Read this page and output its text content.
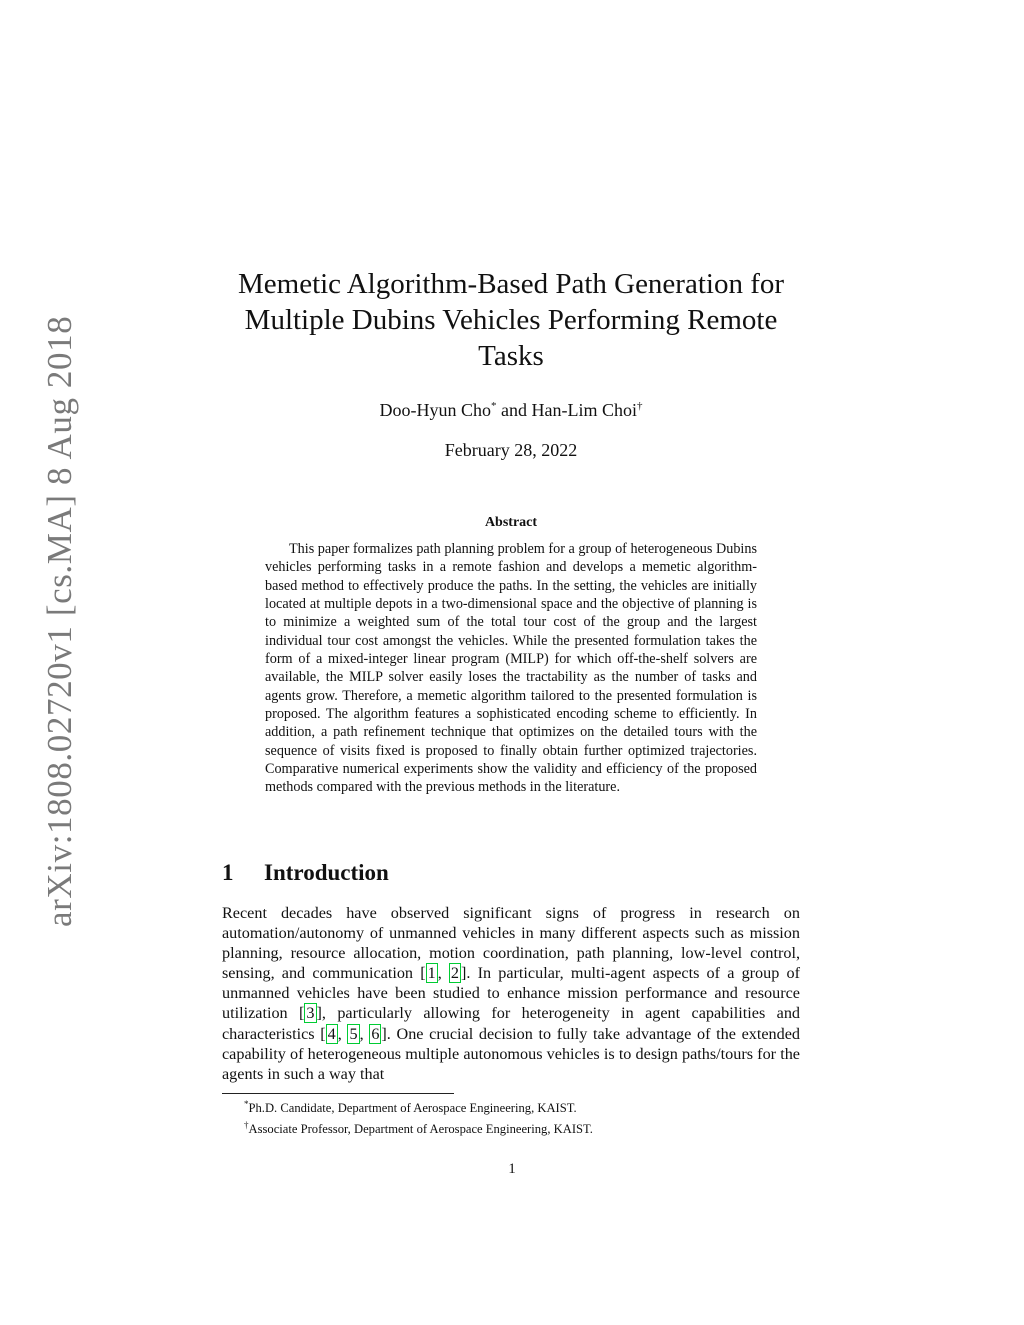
arXiv:1808.02720v1 [cs.MA] 8 Aug 2018
Memetic Algorithm-Based Path Generation for Multiple Dubins Vehicles Performing Remote Tasks
Doo-Hyun Cho* and Han-Lim Choi†
February 28, 2022
Abstract

This paper formalizes path planning problem for a group of heterogeneous Dubins vehicles performing tasks in a remote fashion and develops a memetic algorithm-based method to effectively produce the paths. In the setting, the vehicles are initially located at multiple depots in a two-dimensional space and the objective of planning is to minimize a weighted sum of the total tour cost of the group and the largest individual tour cost amongst the vehicles. While the presented formulation takes the form of a mixed-integer linear program (MILP) for which off-the-shelf solvers are available, the MILP solver easily loses the tractability as the number of tasks and agents grow. Therefore, a memetic algorithm tailored to the presented formulation is proposed. The algorithm features a sophisticated encoding scheme to efficiently. In addition, a path refinement technique that optimizes on the detailed tours with the sequence of visits fixed is proposed to finally obtain further optimized trajectories. Comparative numerical experiments show the validity and efficiency of the proposed methods compared with the previous methods in the literature.

1 Introduction

Recent decades have observed significant signs of progress in research on automation/autonomy of unmanned vehicles in many different aspects such as mission planning, resource allocation, motion coordination, path planning, low-level control, sensing, and communication [ 1 , 2 ]. In particular, multi-agent aspects of a group of unmanned vehicles have been studied to enhance mission performance and resource utilization [ 3 ], particularly allowing for heterogeneity in agent capabilities and characteristics [ 4 , 5 , 6 ]. One crucial decision to fully take advantage of the extended capability of heterogeneous multiple autonomous vehicles is to design paths/tours for the agents in such a way that

*Ph.D. Candidate, Department of Aerospace Engineering, KAIST.
†Associate Professor, Department of Aerospace Engineering, KAIST.
1
